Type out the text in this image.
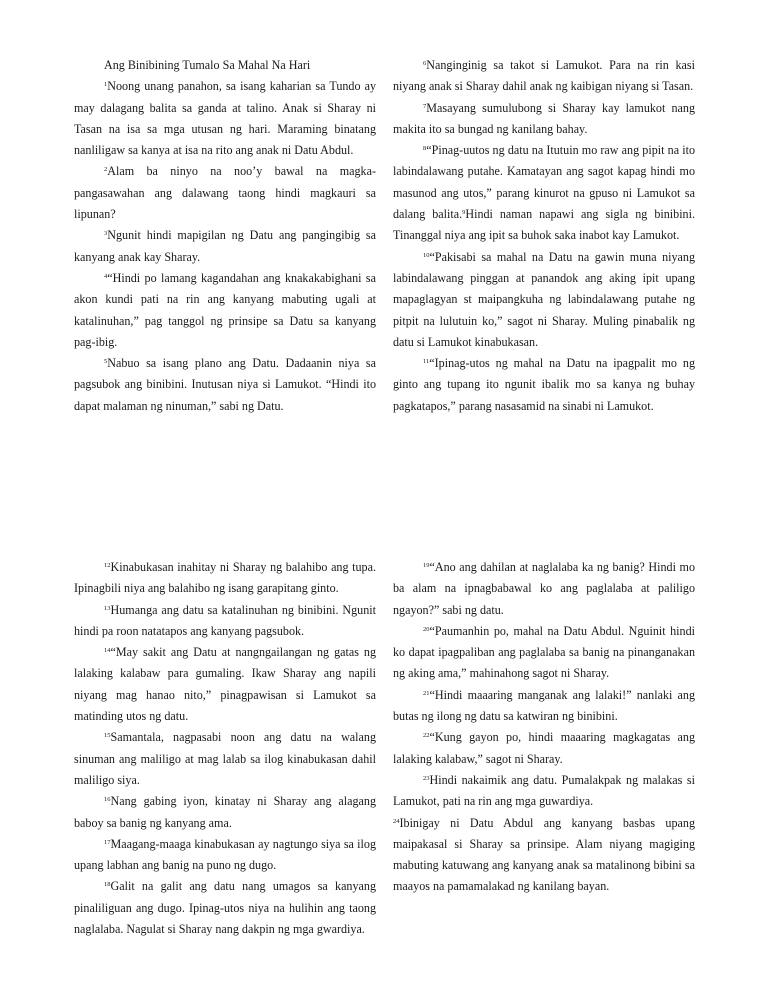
Ang Binibining Tumalo Sa Mahal Na Hari

$^1$Noong unang panahon, sa isang kaharian sa Tundo ay may dalagang balita sa ganda at talino. Anak si Sharay ni Tasan na isa sa mga utusan ng hari. Maraming binatang nanliligaw sa kanya at isa na rito ang anak ni Datu Abdul.

$^2$Alam ba ninyo na noo’y bawal na magka-pangasawahan ang dalawang taong hindi magkauri sa lipunan?

$^3$Ngunit hindi mapigilan ng Datu ang pangingibig sa kanyang anak kay Sharay.

$^4$“Hindi po lamang kagandahan ang knakakabighani sa akon kundi pati na rin ang kanyang mabuting ugali at katalinuhan,” pag tanggol ng prinsipe sa Datu sa kanyang pag-ibig.

$^5$Nabuo sa isang plano ang Datu. Dadaanin niya sa pagsubok ang binibini. Inutusan niya si Lamukot. “Hindi ito dapat malaman ng ninuman,” sabi ng Datu.

$^6$Nanginginig sa takot si Lamukot. Para na rin kasi niyang anak si Sharay dahil anak ng kaibigan niyang si Tasan.

$^7$Masayang sumulubong si Sharay kay lamukot nang makita ito sa bungad ng kanilang bahay.

$^8$“Pinag-uutos ng datu na Itutuin mo raw ang pipit na ito labindalawang putahe. Kamatayan ang sagot kapag hindi mo masunod ang utos,” parang kinurot na gpuso ni Lamukot sa dalang balita.$^9$Hindi naman napawi ang sigla ng binibini. Tinanggal niya ang ipit sa buhok saka inabot kay Lamukot.

$^{10}$“Pakisabi sa mahal na Datu na gawin muna niyang labindalawang pinggan at panandok ang aking ipit upang mapaglagyan st maipangkuha ng labindalawang putahe ng pitpit na lulutuin ko,” sagot ni Sharay. Muling pinabalik ng datu si Lamukot kinabukasan.

$^{11}$“Ipinag-utos ng mahal na Datu na ipagpalit mo ng ginto ang tupang ito ngunit ibalik mo sa kanya ng buhay pagkatapos,” parang nasasamid na sinabi ni Lamukot.

$^{12}$Kinabukasan inahitay ni Sharay ng balahibo ang tupa. Ipinagbili niya ang balahibo ng isang garapitang ginto.

$^{13}$Humanga ang datu sa katalinuhan ng binibini. Ngunit hindi pa roon natatapos ang kanyang pagsubok.

$^{14}$“May sakit ang Datu at nangngailangan ng gatas ng lalaking kalabaw para gumaling. Ikaw Sharay ang napili niyang mag hanao nito,” pinagpawisan si Lamukot sa matinding utos ng datu.

$^{15}$Samantala, nagpasabi noon ang datu na walang sinuman ang maliligo at mag lalab sa ilog kinabukasan dahil maliligo siya.

$^{16}$Nang gabing iyon, kinatay ni Sharay ang alagang baboy sa banig ng kanyang ama.

$^{17}$Maagang-maaga kinabukasan ay nagtungo siya sa ilog upang labhan ang banig na puno ng dugo.

$^{18}$Galit na galit ang datu nang umagos sa kanyang pinaliliguan ang dugo. Ipinag-utos niya na hulihin ang taong naglalaba. Nagulat si Sharay nang dakpin ng mga gwardiya.

$^{19}$“Ano ang dahilan at naglalaba ka ng banig? Hindi mo ba alam na ipnagbabawal ko ang paglalaba at paliligo ngayon?” sabi ng datu.

$^{20}$“Paumanhin po, mahal na Datu Abdul. Nguinit hindi ko dapat ipagpaliban ang paglalaba sa banig na pinanganakan ng aking ama,” mahinahong sagot ni Sharay.

$^{21}$“Hindi maaaring manganak ang lalaki!” nanlaki ang butas ng ilong ng datu sa katwiran ng binibini.

$^{22}$“Kung gayon po, hindi maaaring magkagatas ang lalaking kalabaw,” sagot ni Sharay.

$^{23}$Hindi nakaimik ang datu. Pumalakpak ng malakas si Lamukot, pati na rin ang mga guwardiya.

$^{24}$Ibinigay ni Datu Abdul ang kanyang basbas upang maipakasal si Sharay sa prinsipe. Alam niyang magiging mabuting katuwang ang kanyang anak sa matalinong bibini sa maayos na pamamalakad ng kanilang bayan.
